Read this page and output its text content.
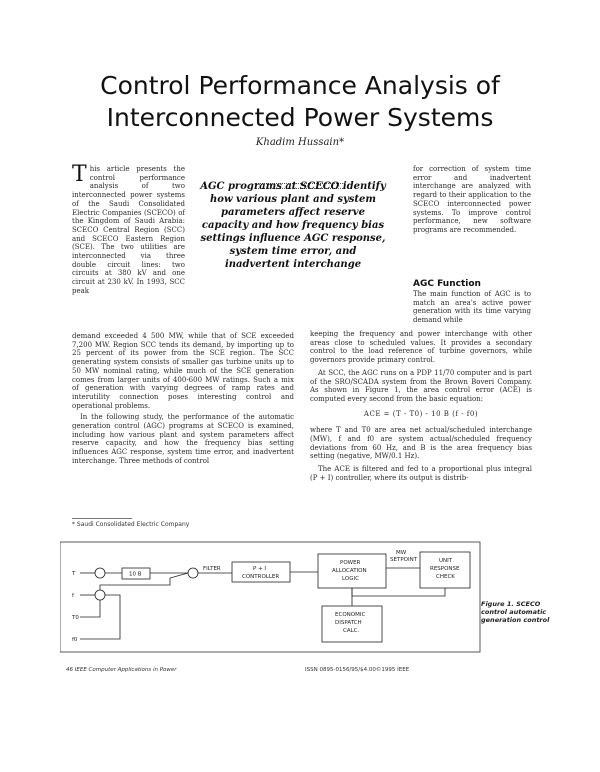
Control Performance Analysis of
Interconnected Power Systems
Khadim Hussain*
This article presents the control performance analysis of two interconnected power systems of the Saudi Consolidated Electric Companies (SCECO) of the Kingdom of Saudi Arabia: SCECO Central Region (SCC) and SCECO Eastern Region (SCE). The two utilities are interconnected via three double circuit lines: two circuits at 380 kV and one circuit at 230 kV. In 1993, SCC peak
AGC programs at SCECO identify how various plant and system parameters affect reserve capacity and how frequency bias settings influence AGC response, system time error, and inadvertent interchange

for correction of system time error and inadvertent interchange are analyzed with regard to their application to the SCECO interconnected power systems. To improve control performance, new software programs are recommended.

AGC Function

The main function of AGC is to match an area's active power generation with its time varying demand while

demand exceeded 4 500 MW, while that of SCE exceeded 7,200 MW. Region SCC tends its demand, by importing up to 25 percent of its power from the SCE region. The SCC generating system consists of smaller gas turbine units up to 50 MW nominal rating, while much of the SCE generation comes from larger units of 400-600 MW ratings. Such a mix of generation with varying degrees of ramp rates and interutility connection poses interesting control and operational problems.

In the following study, the performance of the automatic generation control (AGC) programs at SCECO is examined, including how various plant and system parameters affect reserve capacity, and how the frequency bias setting influences AGC response, system time error, and inadvertent interchange. Three methods of control

keeping the frequency and power interchange with other areas close to scheduled values. It provides a secondary control to the load reference of turbine governors, while governors provide primary control.

At SCC, the AGC runs on a PDP 11/70 computer and is part of the SRO/SCADA system from the Brown Boveri Company. As shown in Figure 1, the area control error (ACE) is computed every second from the basic equation:

ACE = (T - T0) - 10 B (f - f0)

where T and T0 are area net actual/scheduled interchange (MW), f and f0 are system actual/scheduled frequency deviations from 60 Hz, and B is the area frequency bias setting (negative, MW/0.1 Hz).

The ACE is filtered and fed to a proportional plus integral (P + I) controller, where its output is distrib-

* Saudi Consolidated Electric Company
T
f
T0
f0
10 B
FILTER	P + I
CONTROLLER
POWER
ALLOCATION
LOGIC
MW
SETPOINT	UNIT
RESPONSE
CHECK
ECONOMIC
DISPATCH
CALC.
Figure 1. SCECO control automatic generation control
46 IEEE Computer Applications in Power	ISSN 0895-0156/95/$4.00©1995 IEEE
